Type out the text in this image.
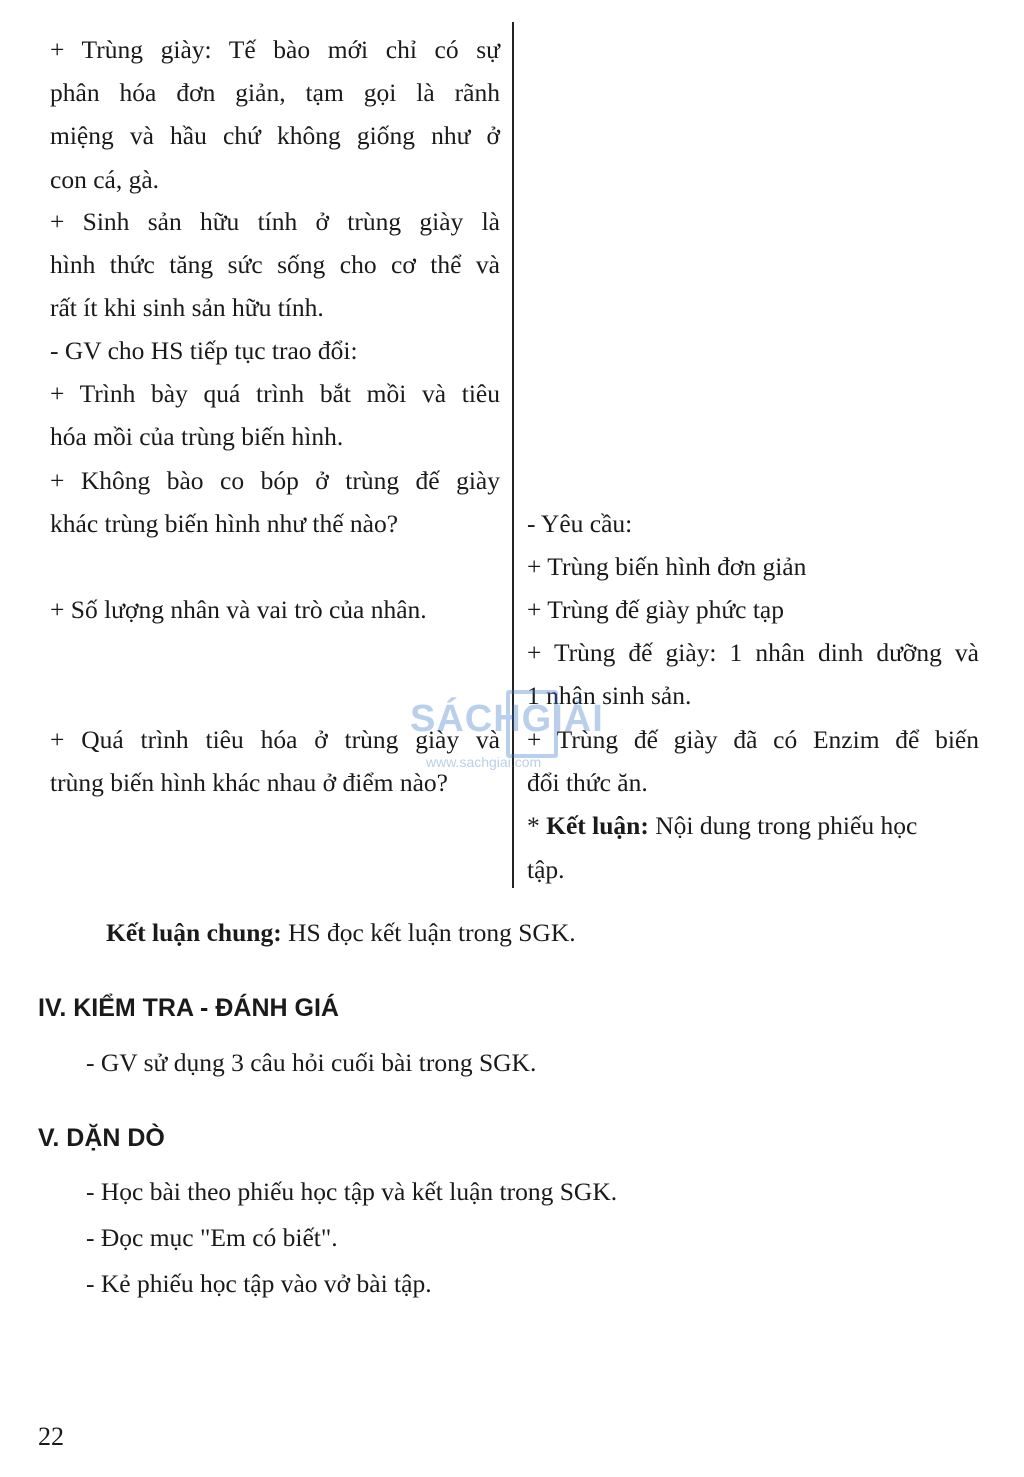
+ Trùng giày: Tế bào mới chỉ có sự
phân hóa đơn giản, tạm gọi là rãnh
miệng và hầu chứ không giống như ở
con cá, gà.
+ Sinh sản hữu tính ở trùng giày là
hình thức tăng sức sống cho cơ thể và
rất ít khi sinh sản hữu tính.
- GV cho HS tiếp tục trao đổi:
+ Trình bày quá trình bắt mồi và tiêu
hóa mồi của trùng biến hình.
+ Không bào co bóp ở trùng đế giày
khác trùng biến hình như thế nào?
+ Số lượng nhân và vai trò của nhân.
+ Quá trình tiêu hóa ở trùng giày và
trùng biến hình khác nhau ở điểm nào?
- Yêu cầu:
+ Trùng biến hình đơn giản
+ Trùng đế giày phức tạp
+ Trùng đế giày: 1 nhân dinh dưỡng và
1 nhân sinh sản.
+ Trùng đế giày đã có Enzim để biến
đổi thức ăn.
* Kết luận: Nội dung trong phiếu học
tập.
SÁCHGIẢI
www.sachgiai.com
Kết luận chung: HS đọc kết luận trong SGK.
IV. KIỂM TRA - ĐÁNH GIÁ
- GV sử dụng 3 câu hỏi cuối bài trong SGK.
V. DẶN DÒ
- Học bài theo phiếu học tập và kết luận trong SGK.
- Đọc mục "Em có biết".
- Kẻ phiếu học tập vào vở bài tập.
22
